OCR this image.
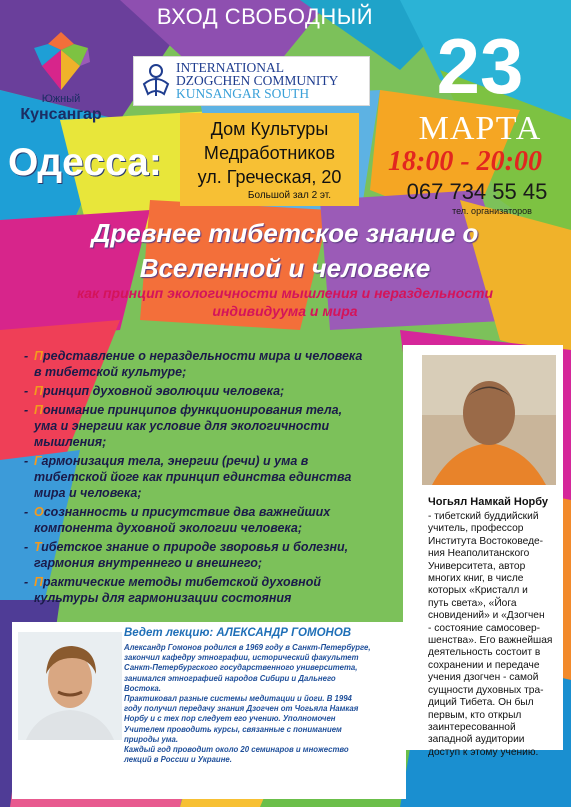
ВХОД СВОБОДНЫЙ
Южный
Кунсангар
INTERNATIONAL
DZOGCHEN COMMUNITY
KUNSANGAR SOUTH	23
МАРТА
18:00 - 20:00
067 734 55 45
тел. организаторов
Одесса:
Дом Культуры
Медработников
ул. Греческая, 20
Большой зал 2 эт.
Древнее тибетское знание о
Вселенной и человеке
как принцип экологичности мышления и нераздельности
индивидуума и мира
- Представление о нераздельности мира и человека
в тибетской культуре;
- Принцип духовной эволюции человека;
- Понимание принципов функционирования тела,
ума и энергии как условие для экологичности
мышления;
- Гармонизация тела, энергии (речи) и ума в
тибетской йоге как принцип единства единства
мира и человека;
- Осознанность и присутствие два важнейших
компонента духовной экологии человека;
- Тибетское знание о природе зворовья и болезни,
гармония внутреннего и внешнего;
- Практические методы тибетской духовной
культуры для гармонизации состояния
Чогьял Намкай Норбу
- тибетский буддийский
учитель, профессор
Института Востоковеде-
ния Неаполитанского
Университета, автор
многих книг, в числе
которых «Кристалл и
путь света», «Йога
сновидений» и «Дзогчен
- состояние самосовер-
шенства». Его важнейшая
деятельность состоит в
сохранении и передаче
учения дзогчен - самой
сущности духовных тра-
диций Тибета. Он был
первым, кто открыл
заинтересованной
западной аудитории
доступ к этому учению.
Ведет лекцию: АЛЕКСАНДР ГОМОНОВ
Александр Гомонов родился в 1969 году в Санкт-Петербурге,
закончил кафедру этнографии, исторический факультет
Санкт-Петербургского государственного университета,
занимался этнографией народов Сибири и Дальнего
Востока.
Практиковал разные системы медитации и йоги. В 1994
году получил передачу знания Дзогчен от Чогьяла Намкая
Норбу и с тех пор следует его учению. Уполномочен
Учителем проводить курсы, связанные с пониманием
природы ума.
Каждый год проводит около 20 семинаров и множество
лекций в России и Украине.
